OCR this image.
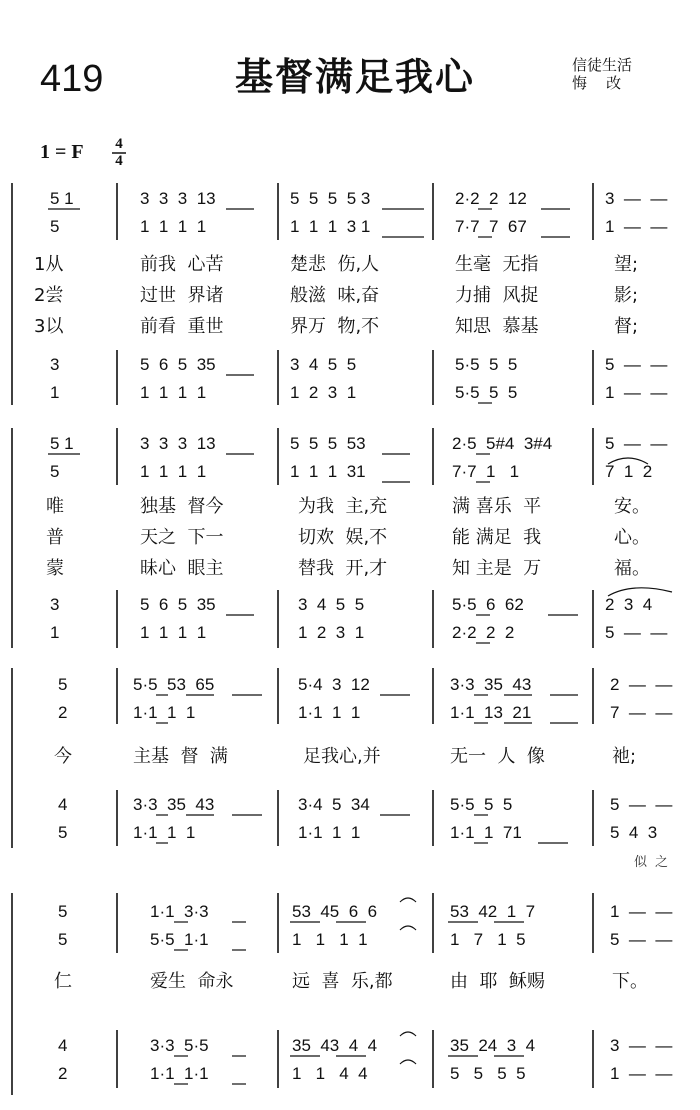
419	基督满足我心	信徒生活
悔    改
1 = F 4
4
5 1	3  3  3  13	5  5  5  5 3	2·2  2  12	3  —  —
5	1  1  1  1	1  1  1  3 1	7·7  7  67	1  —  —
1从	前我  心苦	楚悲  伤,人	生毫  无指	望;
2尝	过世  界诸	般滋  味,奋	力捕  风捉	影;
3以	前看  重世	界万  物,不	知思  慕基	督;
3	5  6  5  35	3  4  5  5	5·5  5  5	5  —  —
1	1  1  1  1	1  2  3  1	5·5  5  5	1  —  —
5 1	3  3  3  13	5  5  5  53	2·5  5#4  3#4	5  —  —
5	1  1  1  1	1  1  1  31	7·7  1   1	7  1  2
唯	独基  督今	为我  主,充	满 喜乐  平	安。
普	天之  下一	切欢  娱,不	能 满足  我	心。
蒙	昧心  眼主	替我  开,才	知 主是  万	福。
3	5  6  5  35	3  4  5  5	5·5  6  62	2  3  4
1	1  1  1  1	1  2  3  1	2·2  2  2	5  —  —
5	5·5  53  65	5·4  3  12	3·3  35  43	2  —  —
2	1·1  1  1	1·1  1  1	1·1  13  21	7  —  —
今	主基  督  满	足我心,并	无一  人  像	祂;
4	3·3  35  43	3·4  5  34	5·5  5  5	5  —  —
5	1·1  1  1	1·1  1  1	1·1  1  71	5  4  3
似之
5	1·1  3·3	53  45  6  6	53  42  1  7	1  —  —
5	5·5  1·1	1   1   1  1	1   7   1  5	5  —  —
仁	爱生  命永	远  喜  乐,都	由  耶  稣赐	下。
4	3·3  5·5	35  43  4  4	35  24  3  4	3  —  —
2	1·1  1·1	1   1   4  4	5   5   5  5	1  —  —
